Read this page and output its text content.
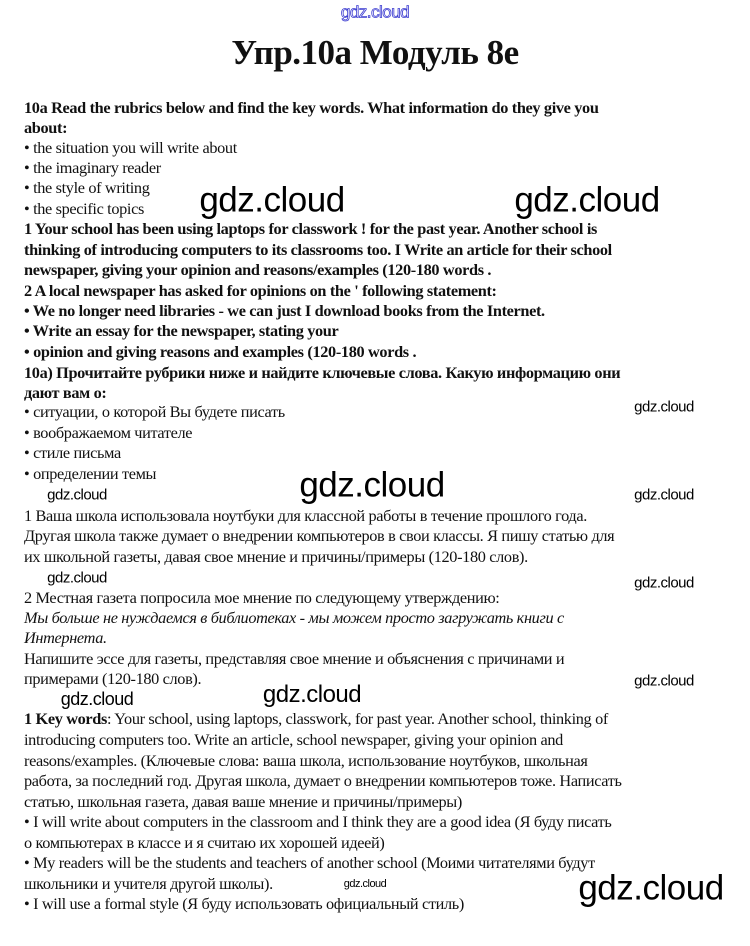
Упр.10a Модуль 8e
10a Read the rubrics below and find the key words. What information do they give you
about:
• the situation you will write about
• the imaginary reader
• the style of writing
• the specific topics
1 Your school has been using laptops for classwork ! for the past year. Another school is
thinking of introducing computers to its classrooms too. I Write an article for their school
newspaper, giving your opinion and reasons/examples (120-180 words .
2 A local newspaper has asked for opinions on the ' following statement:
• We no longer need libraries - we can just I download books from the Internet.
• Write an essay for the newspaper, stating your
• opinion and giving reasons and examples (120-180 words .
10a) Прочитайте рубрики ниже и найдите ключевые слова. Какую информацию они
дают вам о:
• ситуации, о которой Вы будете писать
• воображаемом читателе
• стиле письма
• определении темы
1 Ваша школа использовала ноутбуки для классной работы в течение прошлого года.
Другая школа также думает о внедрении компьютеров в свои классы. Я пишу статью для
их школьной газеты, давая свое мнение и причины/примеры (120-180 слов).
2 Местная газета попросила мое мнение по следующему утверждению:
Мы больше не нуждаемся в библиотеках - мы можем просто загружать книги с
Интернета.
Напишите эссе для газеты, представляя свое мнение и объяснения с причинами и
примерами (120-180 слов).
1 Key words: Your school, using laptops, classwork, for past year. Another school, thinking of
introducing computers too. Write an article, school newspaper, giving your opinion and
reasons/examples. (Ключевые слова: ваша школа, использование ноутбуков, школьная
работа, за последний год. Другая школа, думает о внедрении компьютеров тоже. Написать
статью, школьная газета, давая ваше мнение и причины/примеры)
• I will write about computers in the classroom and I think they are a good idea (Я буду писать
о компьютерах в классе и я считаю их хорошей идеей)
• My readers will be the students and teachers of another school (Моими читателями будут
школьники и учителя другой школы).
• I will use a formal style (Я буду использовать официальный стиль)
gdz.cloud
gdz.cloud	gdz.cloud
gdz.cloud
gdz.cloud
gdz.cloud
gdz.cloud
gdz.cloud	gdz.cloud
gdz.cloud	gdz.cloud
gdz.cloud
gdz.cloud
gdz.cloud
